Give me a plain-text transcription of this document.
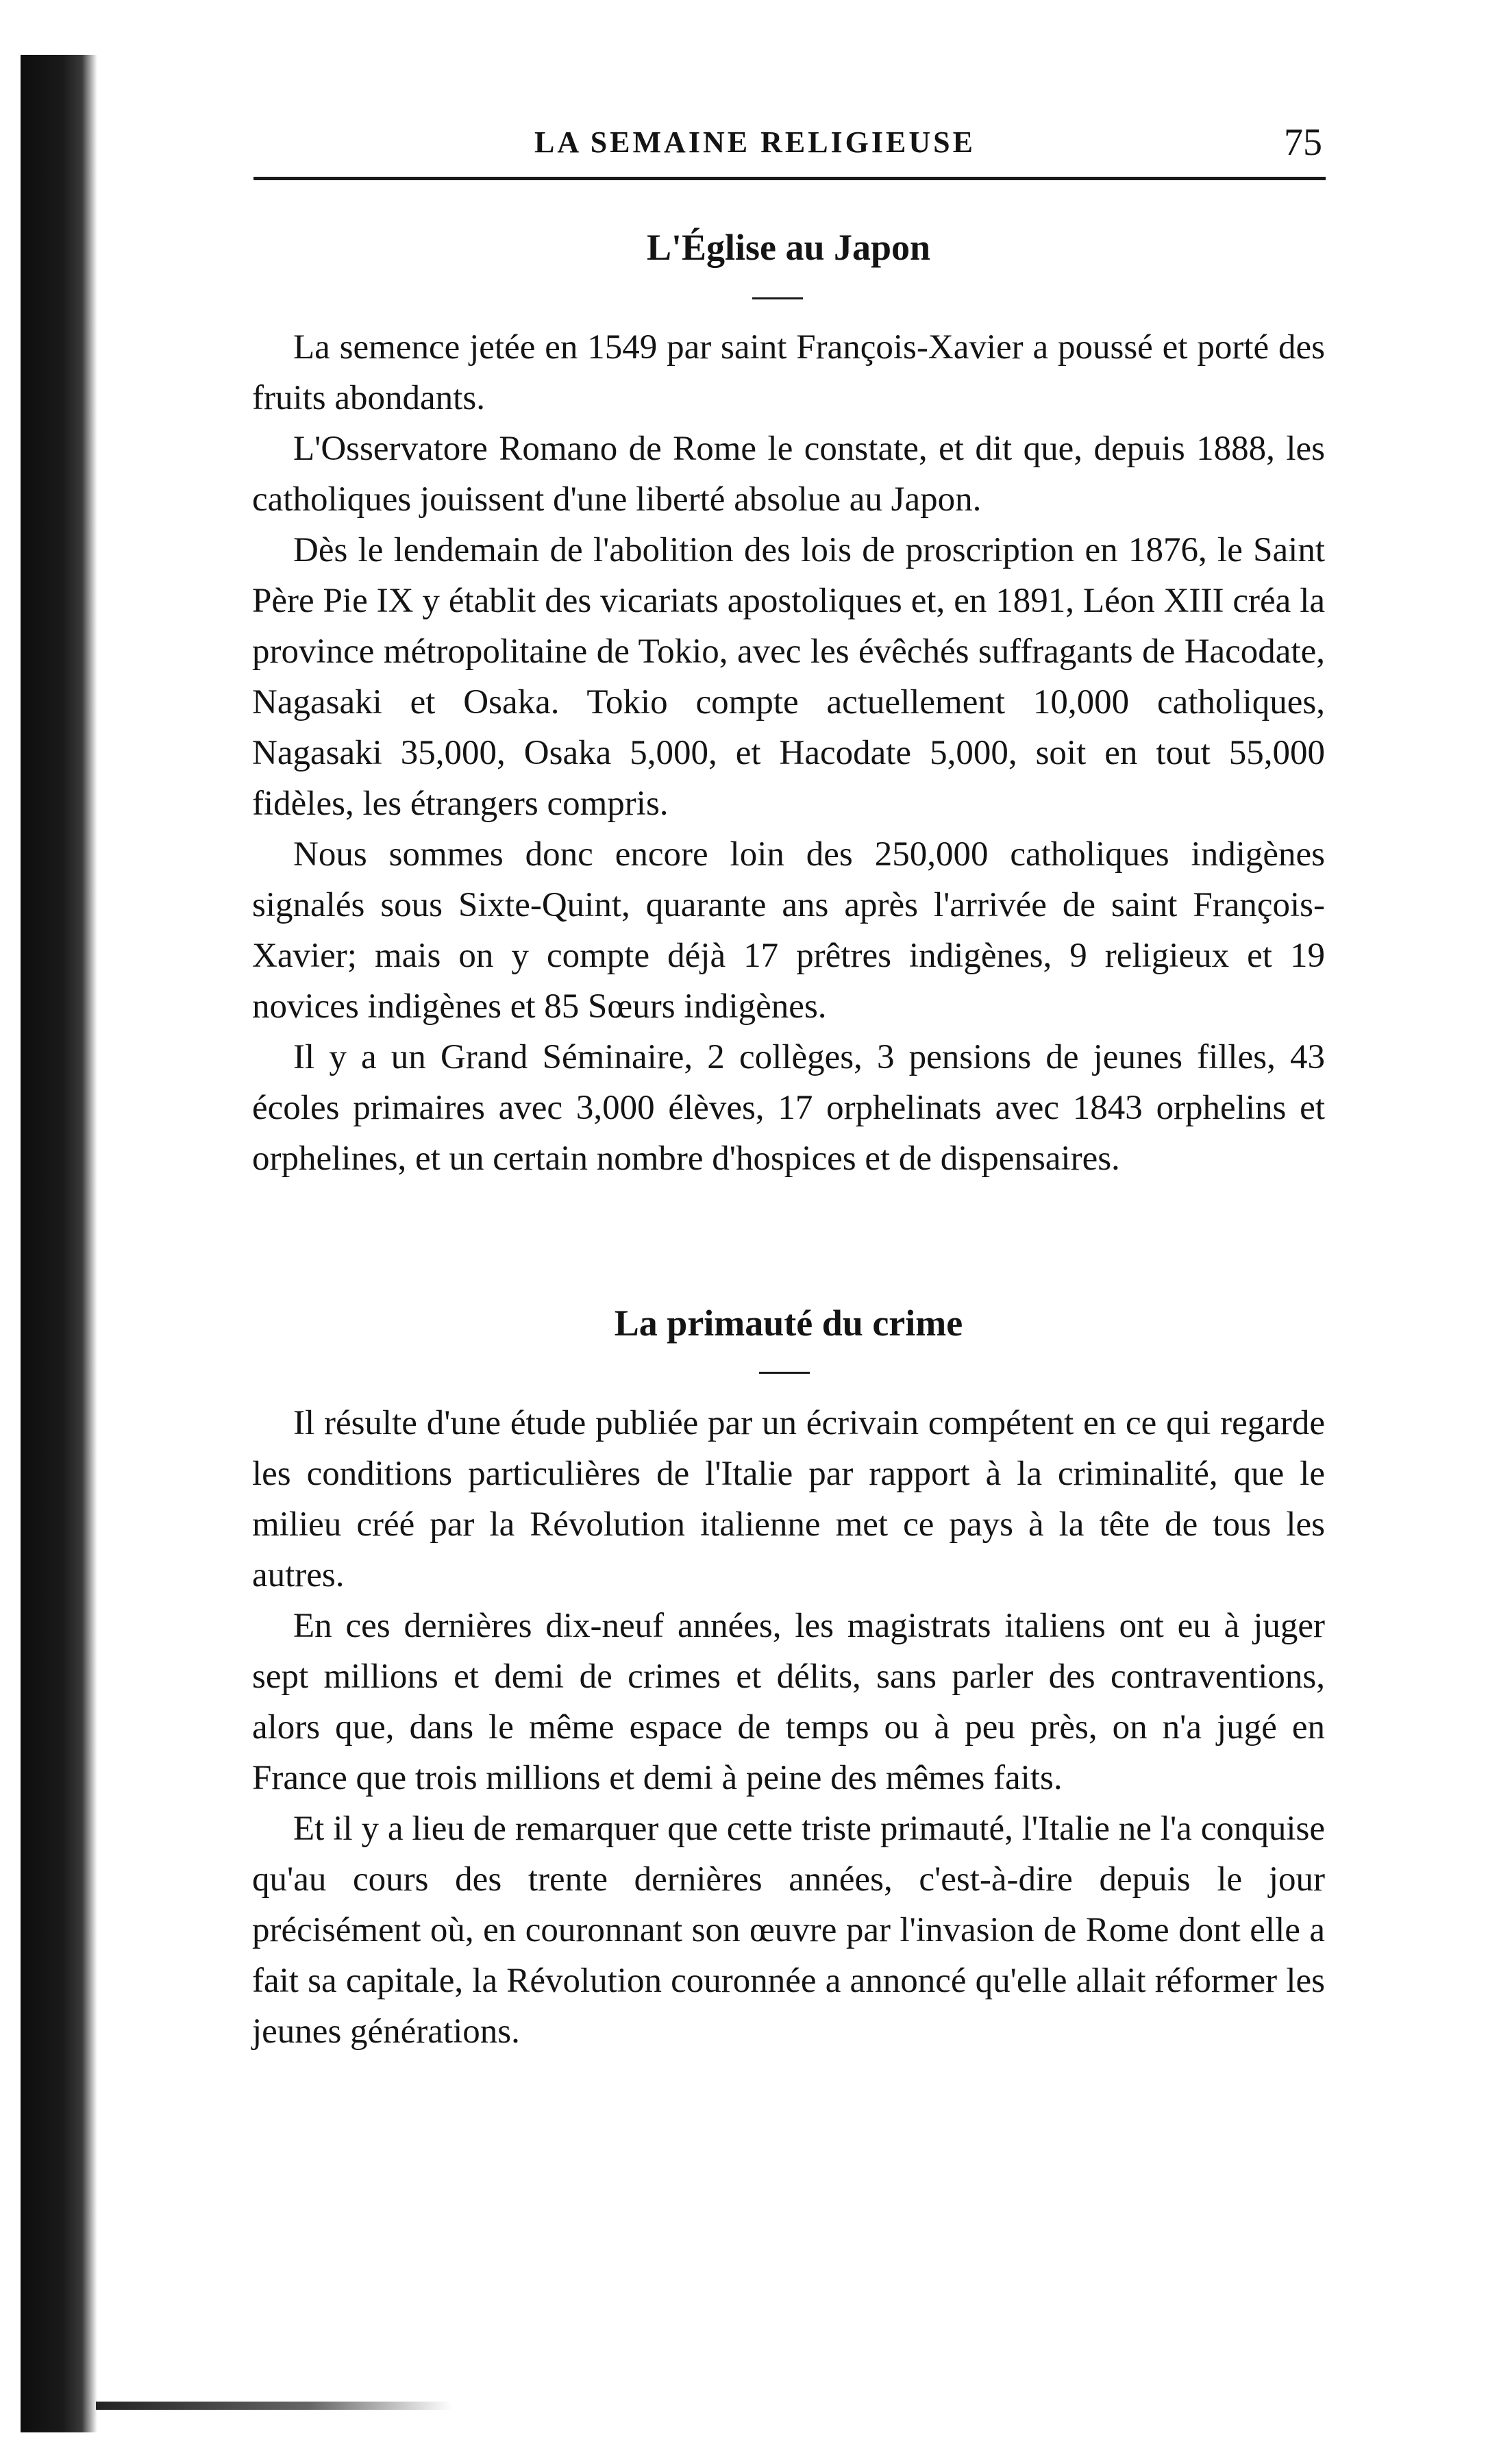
LA SEMAINE RELIGIEUSE	75
L'Église au Japon

La semence jetée en 1549 par saint François-Xavier a poussé et porté des fruits abondants.

L'Osservatore Romano de Rome le constate, et dit que, depuis 1888, les catholiques jouissent d'une liberté absolue au Japon.

Dès le lendemain de l'abolition des lois de proscription en 1876, le Saint Père Pie IX y établit des vicariats apostoliques et, en 1891, Léon XIII créa la province métropolitaine de Tokio, avec les évêchés suffragants de Hacodate, Nagasaki et Osaka. Tokio compte actuellement 10,000 catholiques, Nagasaki 35,000, Osaka 5,000, et Hacodate 5,000, soit en tout 55,000 fidèles, les étrangers compris.

Nous sommes donc encore loin des 250,000 catholiques indigènes signalés sous Sixte-Quint, quarante ans après l'arrivée de saint François-Xavier; mais on y compte déjà 17 prêtres indigènes, 9 religieux et 19 novices indigènes et 85 Sœurs indigènes.

Il y a un Grand Séminaire, 2 collèges, 3 pensions de jeunes filles, 43 écoles primaires avec 3,000 élèves, 17 orphelinats avec 1843 orphelins et orphelines, et un certain nombre d'hospices et de dispensaires.

La primauté du crime

Il résulte d'une étude publiée par un écrivain compétent en ce qui regarde les conditions particulières de l'Italie par rapport à la criminalité, que le milieu créé par la Révolution italienne met ce pays à la tête de tous les autres.

En ces dernières dix-neuf années, les magistrats italiens ont eu à juger sept millions et demi de crimes et délits, sans parler des contraventions, alors que, dans le même espace de temps ou à peu près, on n'a jugé en France que trois millions et demi à peine des mêmes faits.

Et il y a lieu de remarquer que cette triste primauté, l'Italie ne l'a conquise qu'au cours des trente dernières années, c'est-à-dire depuis le jour précisément où, en couronnant son œuvre par l'invasion de Rome dont elle a fait sa capitale, la Révolution couronnée a annoncé qu'elle allait réformer les jeunes générations.
